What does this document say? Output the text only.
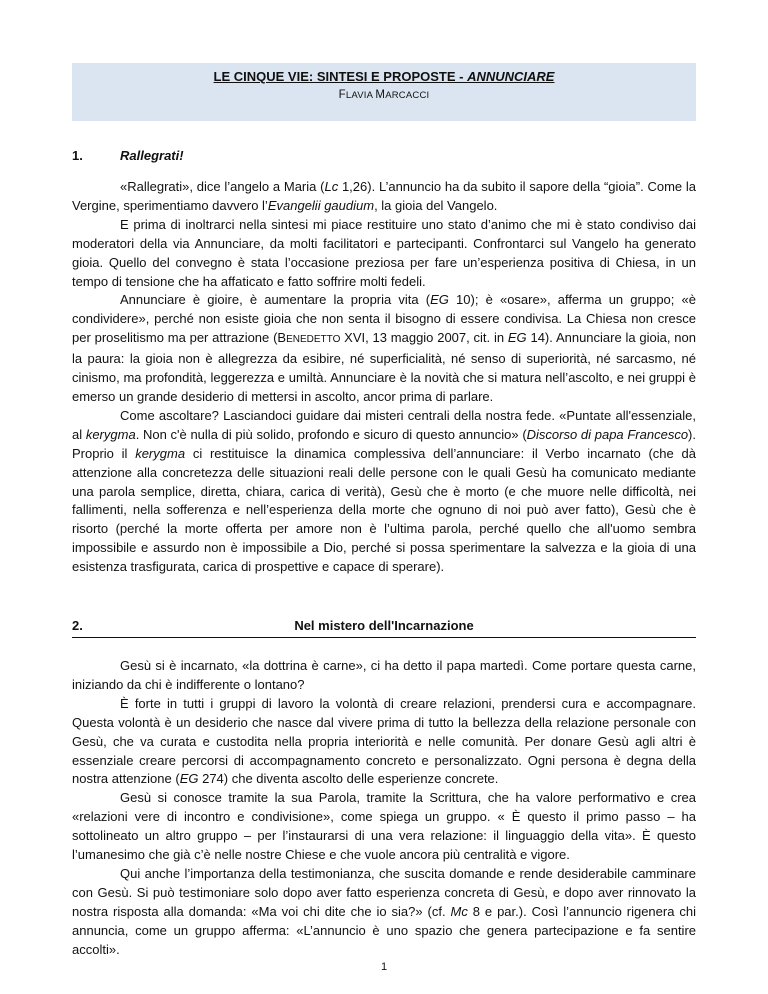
LE CINQUE VIE: SINTESI E PROPOSTE - ANNUNCIARE
FLAVIA MARCACCI
1.	Rallegrati!

«Rallegrati», dice l’angelo a Maria (Lc 1,26). L’annuncio ha da subito il sapore della “gioia”. Come la Vergine, sperimentiamo davvero l’Evangelii gaudium, la gioia del Vangelo.

E prima di inoltrarci nella sintesi mi piace restituire uno stato d’animo che mi è stato condiviso dai moderatori della via Annunciare, da molti facilitatori e partecipanti. Confrontarci sul Vangelo ha generato gioia. Quello del convegno è stata l’occasione preziosa per fare un’esperienza positiva di Chiesa, in un tempo di tensione che ha affaticato e fatto soffrire molti fedeli.

Annunciare è gioire, è aumentare la propria vita (EG 10); è «osare», afferma un gruppo; «è condividere», perché non esiste gioia che non senta il bisogno di essere condivisa. La Chiesa non cresce per proselitismo ma per attrazione (BENEDETTO XVI, 13 maggio 2007, cit. in EG 14). Annunciare la gioia, non la paura: la gioia non è allegrezza da esibire, né superficialità, né senso di superiorità, né sarcasmo, né cinismo, ma profondità, leggerezza e umiltà. Annunciare è la novità che si matura nell’ascolto, e nei gruppi è emerso un grande desiderio di mettersi in ascolto, ancor prima di parlare.

Come ascoltare? Lasciandoci guidare dai misteri centrali della nostra fede. «Puntate all'essenziale, al kerygma. Non c'è nulla di più solido, profondo e sicuro di questo annuncio» (Discorso di papa Francesco). Proprio il kerygma ci restituisce la dinamica complessiva dell’annunciare: il Verbo incarnato (che dà attenzione alla concretezza delle situazioni reali delle persone con le quali Gesù ha comunicato mediante una parola semplice, diretta, chiara, carica di verità), Gesù che è morto (e che muore nelle difficoltà, nei fallimenti, nella sofferenza e nell’esperienza della morte che ognuno di noi può aver fatto), Gesù che è risorto (perché la morte offerta per amore non è l’ultima parola, perché quello che all'uomo sembra impossibile e assurdo non è impossibile a Dio, perché si possa sperimentare la salvezza e la gioia di una esistenza trasfigurata, carica di prospettive e capace di sperare).

2.	Nel mistero dell'Incarnazione

Gesù si è incarnato, «la dottrina è carne», ci ha detto il papa martedì. Come portare questa carne, iniziando da chi è indifferente o lontano?

È forte in tutti i gruppi di lavoro la volontà di creare relazioni, prendersi cura e accompagnare. Questa volontà è un desiderio che nasce dal vivere prima di tutto la bellezza della relazione personale con Gesù, che va curata e custodita nella propria interiorità e nelle comunità. Per donare Gesù agli altri è essenziale creare percorsi di accompagnamento concreto e personalizzato. Ogni persona è degna della nostra attenzione (EG 274) che diventa ascolto delle esperienze concrete.

Gesù si conosce tramite la sua Parola, tramite la Scrittura, che ha valore performativo e crea «relazioni vere di incontro e condivisione», come spiega un gruppo. « È questo il primo passo – ha sottolineato un altro gruppo – per l’instaurarsi di una vera relazione: il linguaggio della vita». È questo l’umanesimo che già c’è nelle nostre Chiese e che vuole ancora più centralità e vigore.

Qui anche l’importanza della testimonianza, che suscita domande e rende desiderabile camminare con Gesù. Si può testimoniare solo dopo aver fatto esperienza concreta di Gesù, e dopo aver rinnovato la nostra risposta alla domanda: «Ma voi chi dite che io sia?» (cf. Mc 8 e par.). Così l’annuncio rigenera chi annuncia, come un gruppo afferma: «L’annuncio è uno spazio che genera partecipazione e fa sentire accolti».

1
